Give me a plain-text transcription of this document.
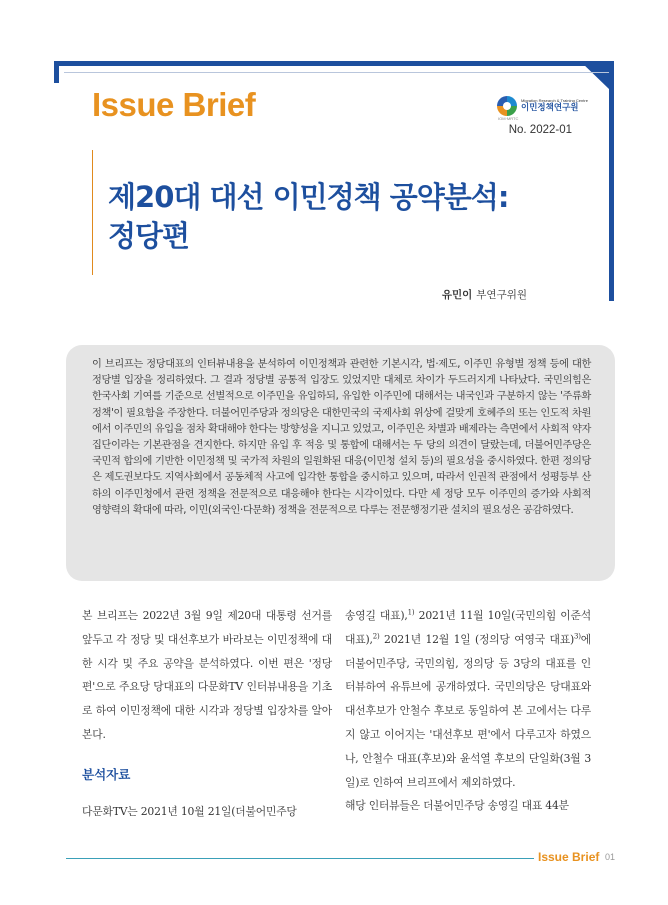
Issue Brief	Migration Research & Training Centre
이민정책연구원
IOM·MRTC
No. 2022-01
제20대 대선 이민정책 공약분석:
정당편
유민이 부연구위원

이 브리프는 정당대표의 인터뷰내용을 분석하여 이민정책과 관련한 기본시각, 법·제도, 이주민 유형별 정책 등에 대한 정당별 입장을 정리하였다. 그 결과 정당별 공통적 입장도 있었지만 대체로 차이가 두드러지게 나타났다. 국민의힘은 한국사회 기여를 기준으로 선별적으로 이주민을 유입하되, 유입한 이주민에 대해서는 내국인과 구분하지 않는 '주류화정책'이 필요함을 주장한다. 더불어민주당과 정의당은 대한민국의 국제사회 위상에 걸맞게 호혜주의 또는 인도적 차원에서 이주민의 유입을 점차 확대해야 한다는 방향성을 지니고 있었고, 이주민은 차별과 배제라는 측면에서 사회적 약자집단이라는 기본관점을 견지한다. 하지만 유입 후 적응 및 통합에 대해서는 두 당의 의견이 달랐는데, 더불어민주당은 국민적 합의에 기반한 이민정책 및 국가적 차원의 일원화된 대응(이민청 설치 등)의 필요성을 중시하였다. 한편 정의당은 제도권보다도 지역사회에서 공동체적 사고에 입각한 통합을 중시하고 있으며, 따라서 인권적 관점에서 성평등부 산하의 이주민청에서 관련 정책을 전문적으로 대응해야 한다는 시각이었다. 다만 세 정당 모두 이주민의 증가와 사회적 영향력의 확대에 따라, 이민(외국인·다문화) 정책을 전문적으로 다루는 전문행정기관 설치의 필요성은 공감하였다.

본 브리프는 2022년 3월 9일 제20대 대통령 선거를 앞두고 각 정당 및 대선후보가 바라보는 이민정책에 대한 시각 및 주요 공약을 분석하였다. 이번 편은 '정당편'으로 주요당 당대표의 다문화TV 인터뷰내용을 기초로 하여 이민정책에 대한 시각과 정당별 입장차를 알아본다.
분석자료
다문화TV는 2021년 10월 21일(더불어민주당
송영길 대표),$^{1)}$ 2021년 11월 10일(국민의힘 이준석 대표),$^{2)}$ 2021년 12월 1일 (정의당 여영국 대표)$^{3)}$에 더불어민주당, 국민의힘, 정의당 등 3당의 대표를 인터뷰하여 유튜브에 공개하였다. 국민의당은 당대표와 대선후보가 안철수 후보로 동일하여 본 고에서는 다루지 않고 이어지는 '대선후보 편'에서 다루고자 하였으나, 안철수 대표(후보)와 윤석열 후보의 단일화(3월 3일)로 인하여 브리프에서 제외하였다.
해당 인터뷰들은 더불어민주당 송영길 대표 44분
Issue Brief 01
